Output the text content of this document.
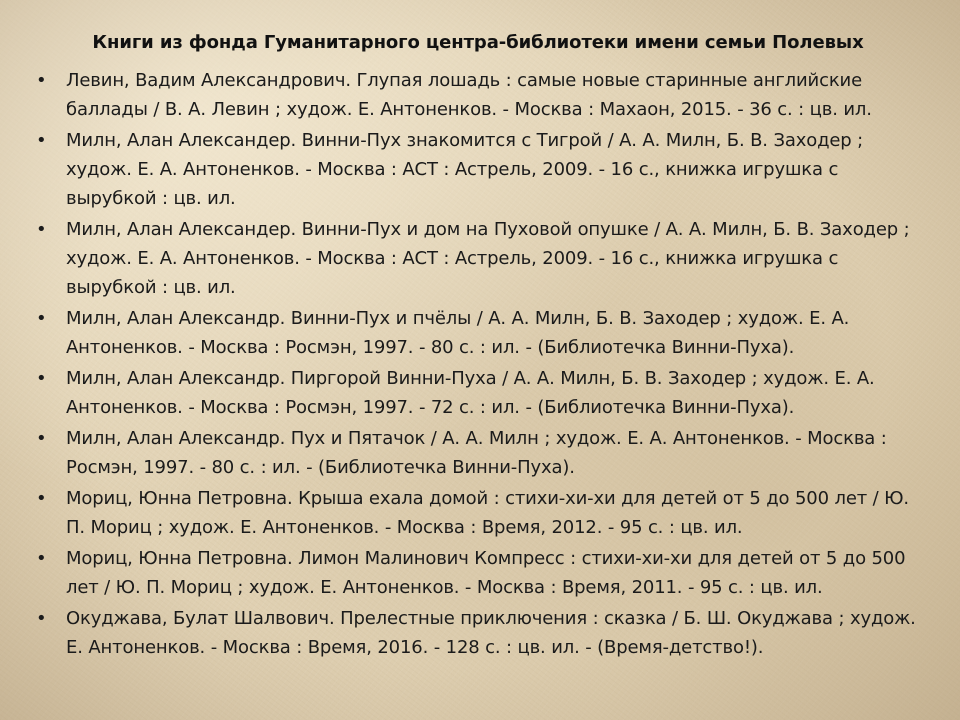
Книги из фонда Гуманитарного центра-библиотеки имени семьи Полевых
• Левин, Вадим Александрович. Глупая лошадь : самые новые старинные английские баллады / В. А. Левин ; худож. Е. Антоненков. - Москва : Махаон, 2015. - 36 с. : цв. ил.
• Милн, Алан Александер. Винни-Пух знакомится с Тигрой / А. А. Милн, Б. В. Заходер ; худож. Е. А. Антоненков. - Москва : АСТ : Астрель, 2009. - 16 с., книжка игрушка с вырубкой : цв. ил.
• Милн, Алан Александер. Винни-Пух и дом на Пуховой опушке / А. А. Милн, Б. В. Заходер ; худож. Е. А. Антоненков. - Москва : АСТ : Астрель, 2009. - 16 с., книжка игрушка с вырубкой : цв. ил.
• Милн, Алан Александр. Винни-Пух и пчёлы / А. А. Милн, Б. В. Заходер ; худож. Е. А. Антоненков. - Москва : Росмэн, 1997. - 80 с. : ил. - (Библиотечка Винни-Пуха).
• Милн, Алан Александр. Пиргорой Винни-Пуха / А. А. Милн, Б. В. Заходер ; худож. Е. А. Антоненков. - Москва : Росмэн, 1997. - 72 с. : ил. - (Библиотечка Винни-Пуха).
• Милн, Алан Александр. Пух и Пятачок / А. А. Милн ; худож. Е. А. Антоненков. - Москва : Росмэн, 1997. - 80 с. : ил. - (Библиотечка Винни-Пуха).
• Мориц, Юнна Петровна. Крыша ехала домой : стихи-хи-хи для детей от 5 до 500 лет / Ю. П. Мориц ; худож. Е. Антоненков. - Москва : Время, 2012. - 95 с. : цв. ил.
• Мориц, Юнна Петровна. Лимон Малинович Компресс : стихи-хи-хи для детей от 5 до 500 лет / Ю. П. Мориц ; худож. Е. Антоненков. - Москва : Время, 2011. - 95 с. : цв. ил.
• Окуджава, Булат Шалвович. Прелестные приключения : сказка / Б. Ш. Окуджава ; худож. Е. Антоненков. - Москва : Время, 2016. - 128 с. : цв. ил. - (Время-детство!).
